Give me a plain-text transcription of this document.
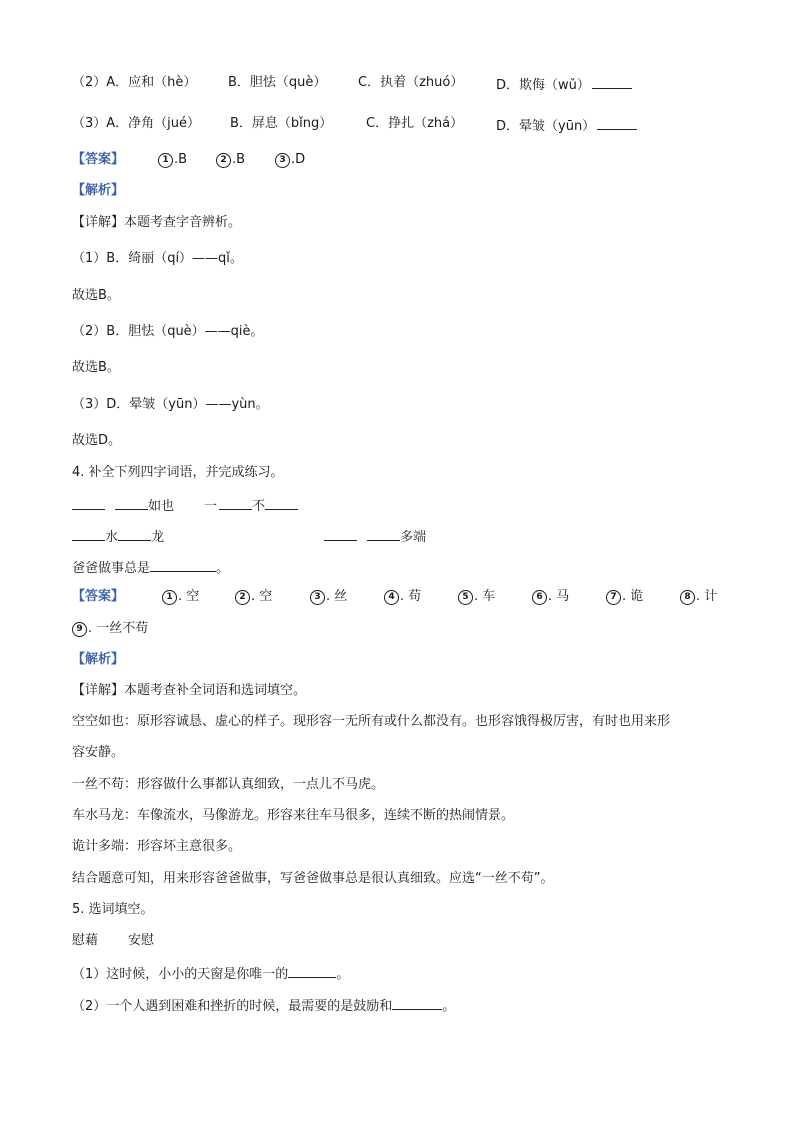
（2）A．应和（hè） B．胆怯（què） C．执着（zhuó）	D．欺侮（wǔ）
（3）A．净角（jué） B．屏息（bǐng）	C．挣扎（zhá）	D．晕皱（yūn）
【答案】	1 .B	2 .B	3 .D
【解析】
【详解】本题考查字音辨析。
（1）B．绮丽（qí）——qǐ。
故选B。
（2）B．胆怯（què）——qiè。
故选B。
（3）D．晕皱（yūn）——yùn。
故选D。
4. 补全下列四字词语，并完成练习。
如也 一	不
水	龙	多端
爸爸做事总是	。
【答案】	1 . 空	2 . 空	3 . 丝	4 . 苟	5 . 车	6 . 马	7 . 诡	8 . 计
9 . 一丝不苟
【解析】
【详解】本题考查补全词语和选词填空。
空空如也：原形容诚恳、虚心的样子。现形容一无所有或什么都没有。也形容饿得极厉害，有时也用来形
容安静。
一丝不苟：形容做什么事都认真细致，一点儿不马虎。
车水马龙：车像流水，马像游龙。形容来往车马很多，连续不断的热闹情景。
诡计多端：形容坏主意很多。
结合题意可知，用来形容爸爸做事，写爸爸做事总是很认真细致。应选“一丝不苟”。
5. 选词填空。
慰藉 安慰
（1）这时候，小小的天窗是你唯一的	。
（2）一个人遇到困难和挫折的时候，最需要的是鼓励和	。
